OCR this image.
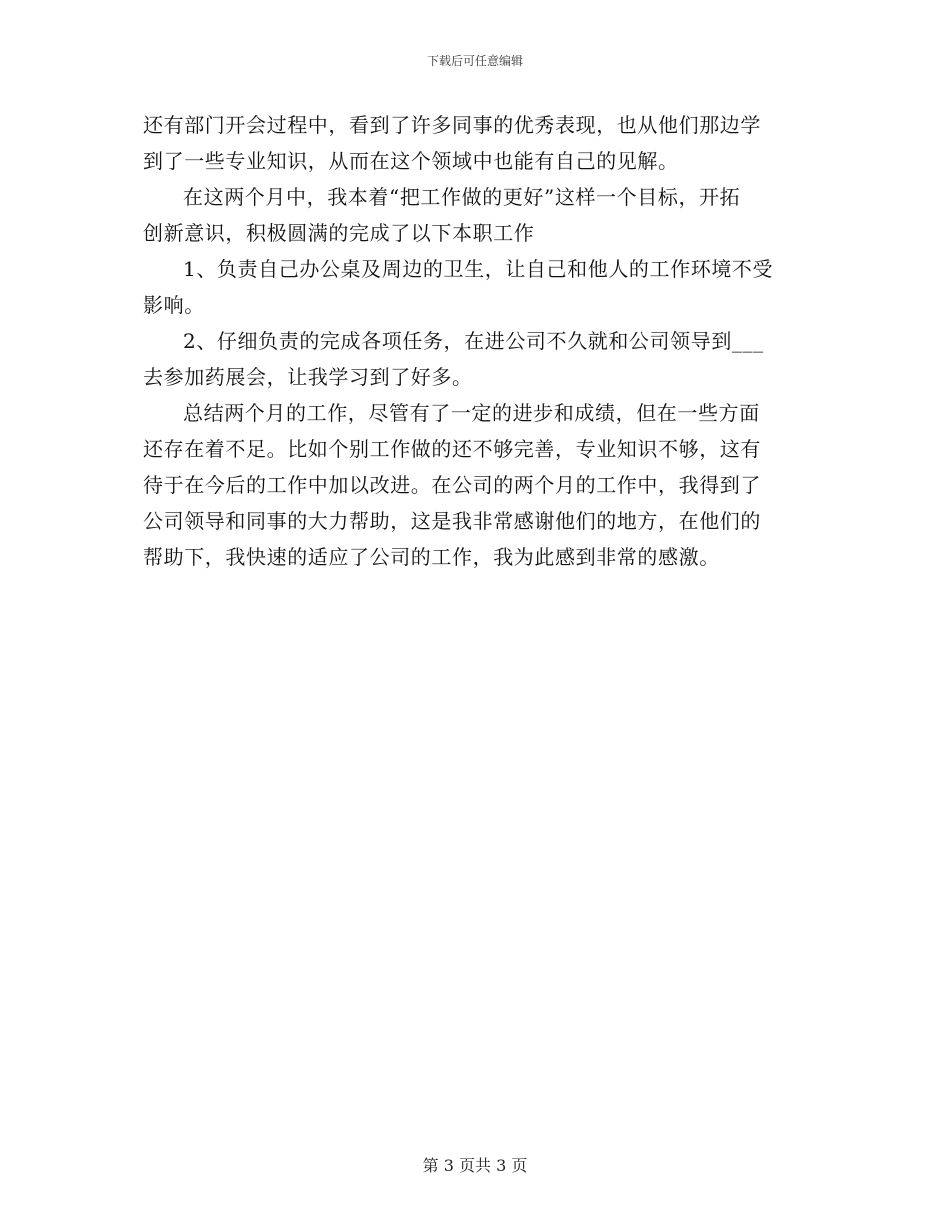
下载后可任意编辑
还有部门开会过程中，看到了许多同事的优秀表现，也从他们那边学
到了一些专业知识，从而在这个领域中也能有自己的见解。
在这两个月中，我本着“把工作做的更好”这样一个目标，开拓
创新意识，积极圆满的完成了以下本职工作
1、负责自己办公桌及周边的卫生，让自己和他人的工作环境不受
影响。
2、仔细负责的完成各项任务，在进公司不久就和公司领导到___
去参加药展会，让我学习到了好多。
总结两个月的工作，尽管有了一定的进步和成绩，但在一些方面
还存在着不足。比如个别工作做的还不够完善，专业知识不够，这有
待于在今后的工作中加以改进。在公司的两个月的工作中，我得到了
公司领导和同事的大力帮助，这是我非常感谢他们的地方，在他们的
帮助下，我快速的适应了公司的工作，我为此感到非常的感激。
第 3 页共 3 页
